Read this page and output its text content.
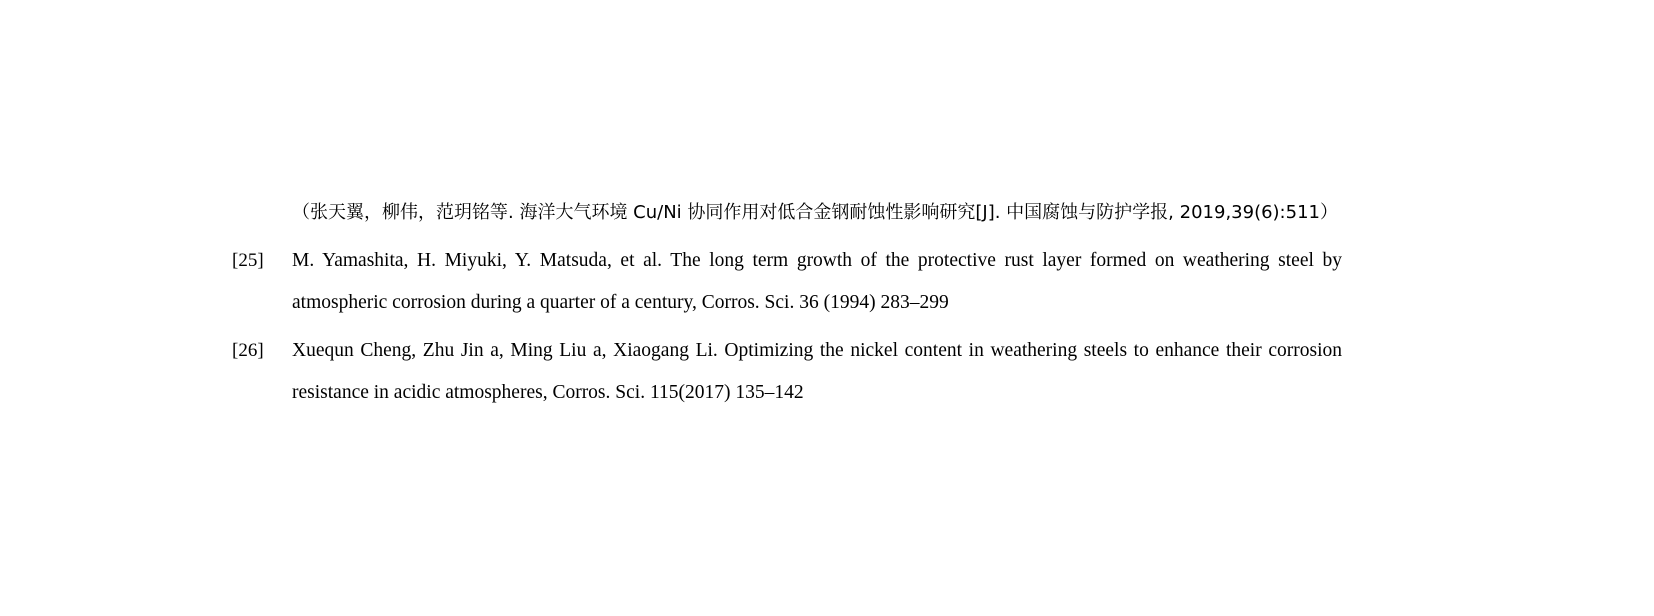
（张天翼，柳伟，范玥铭等. 海洋大气环境 Cu/Ni 协同作用对低合金钢耐蚀性影响研究[J]. 中国腐蚀与防护学报, 2019,39(6):511）
[25]	M. Yamashita, H. Miyuki, Y. Matsuda, et al. The long term growth of the protective rust layer formed on weathering steel by atmospheric corrosion during a quarter of a century, Corros. Sci. 36 (1994) 283–299
[26]	Xuequn Cheng, Zhu Jin a, Ming Liu a, Xiaogang Li. Optimizing the nickel content in weathering steels to enhance their corrosion resistance in acidic atmospheres, Corros. Sci. 115(2017) 135–142
